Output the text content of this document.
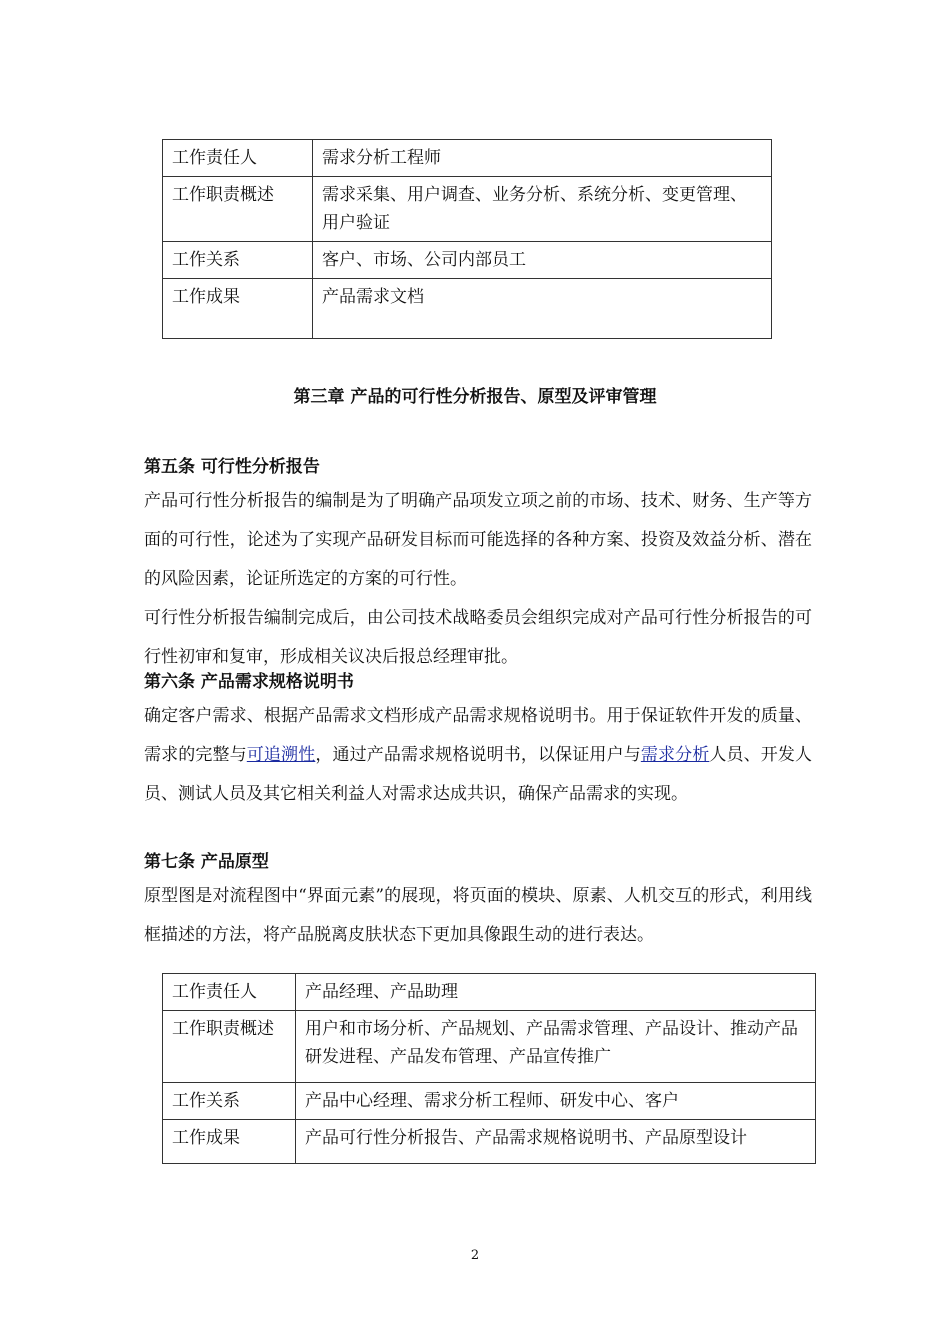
工作责任人	需求分析工程师
工作职责概述	需求采集、用户调查、业务分析、系统分析、变更管理、用户验证
工作关系	客户、市场、公司内部员工
工作成果	产品需求文档
第三章 产品的可行性分析报告、原型及评审管理
第五条 可行性分析报告

产品可行性分析报告的编制是为了明确产品项发立项之前的市场、技术、财务、生产等方面的可行性，论述为了实现产品研发目标而可能选择的各种方案、投资及效益分析、潜在的风险因素，论证所选定的方案的可行性。

可行性分析报告编制完成后，由公司技术战略委员会组织完成对产品可行性分析报告的可行性初审和复审，形成相关议决后报总经理审批。

第六条 产品需求规格说明书

确定客户需求、根据产品需求文档形成产品需求规格说明书。用于保证软件开发的质量、需求的完整与可追溯性，通过产品需求规格说明书，以保证用户与需求分析人员、开发人员、测试人员及其它相关利益人对需求达成共识，确保产品需求的实现。

第七条 产品原型

原型图是对流程图中“界面元素”的展现，将页面的模块、原素、人机交互的形式，利用线框描述的方法，将产品脱离皮肤状态下更加具像跟生动的进行表达。

工作责任人	产品经理、产品助理
工作职责概述	用户和市场分析、产品规划、产品需求管理、产品设计、推动产品研发进程、产品发布管理、产品宣传推广
工作关系	产品中心经理、需求分析工程师、研发中心、客户
工作成果	产品可行性分析报告、产品需求规格说明书、产品原型设计
2
